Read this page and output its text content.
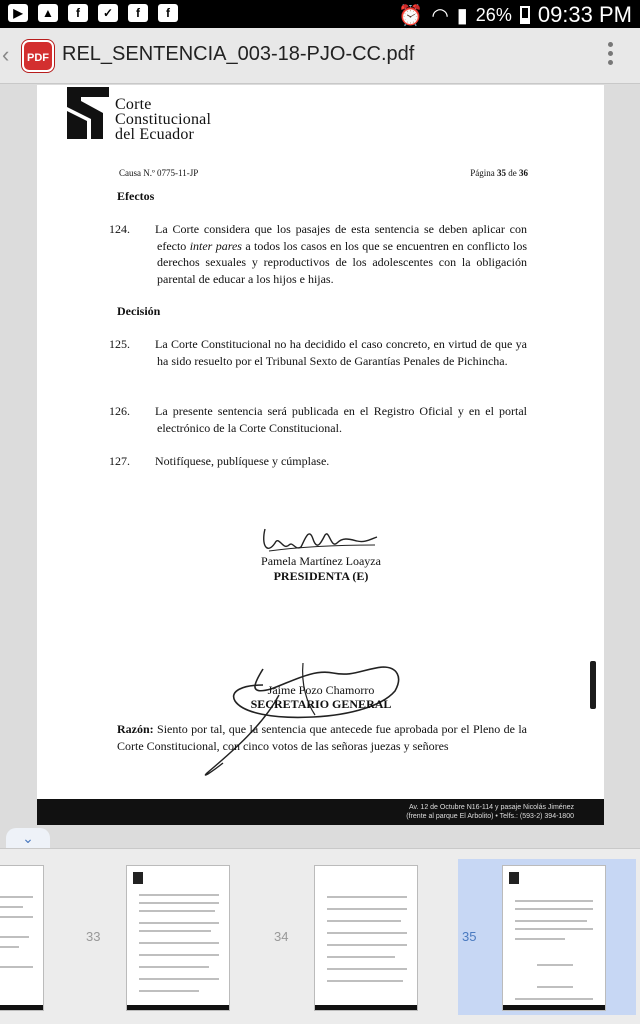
▶	▲	f	✓	f	f	⏰ ◠ ▮ 26% 09:33 PM
‹	PDF REL_SENTENCIA_003-18-PJO-CC.pdf
Corte
Constitucional
del Ecuador
Causa N.º 0775-11-JP	Página 35 de 36
Efectos
124. La Corte considera que los pasajes de esta sentencia se deben aplicar con efecto inter pares a todos los casos en los que se encuentren en conflicto los derechos sexuales y reproductivos de los adolescentes con la obligación parental de educar a los hijos e hijas.
Decisión
125. La Corte Constitucional no ha decidido el caso concreto, en virtud de que ya ha sido resuelto por el Tribunal Sexto de Garantías Penales de Pichincha.
126. La presente sentencia será publicada en el Registro Oficial y en el portal electrónico de la Corte Constitucional.
127. Notifíquese, publíquese y cúmplase.
Pamela Martínez Loayza
PRESIDENTA (E)
Jaime Pozo Chamorro
SECRETARIO GENERAL
Razón: Siento por tal, que la sentencia que antecede fue aprobada por el Pleno de la Corte Constitucional, con cinco votos de las señoras juezas y señores
Av. 12 de Octubre N16-114 y pasaje Nicolás Jiménez
(frente al parque El Arbolito) • Telfs.: (593-2) 394-1800
⌄
33	34	35
